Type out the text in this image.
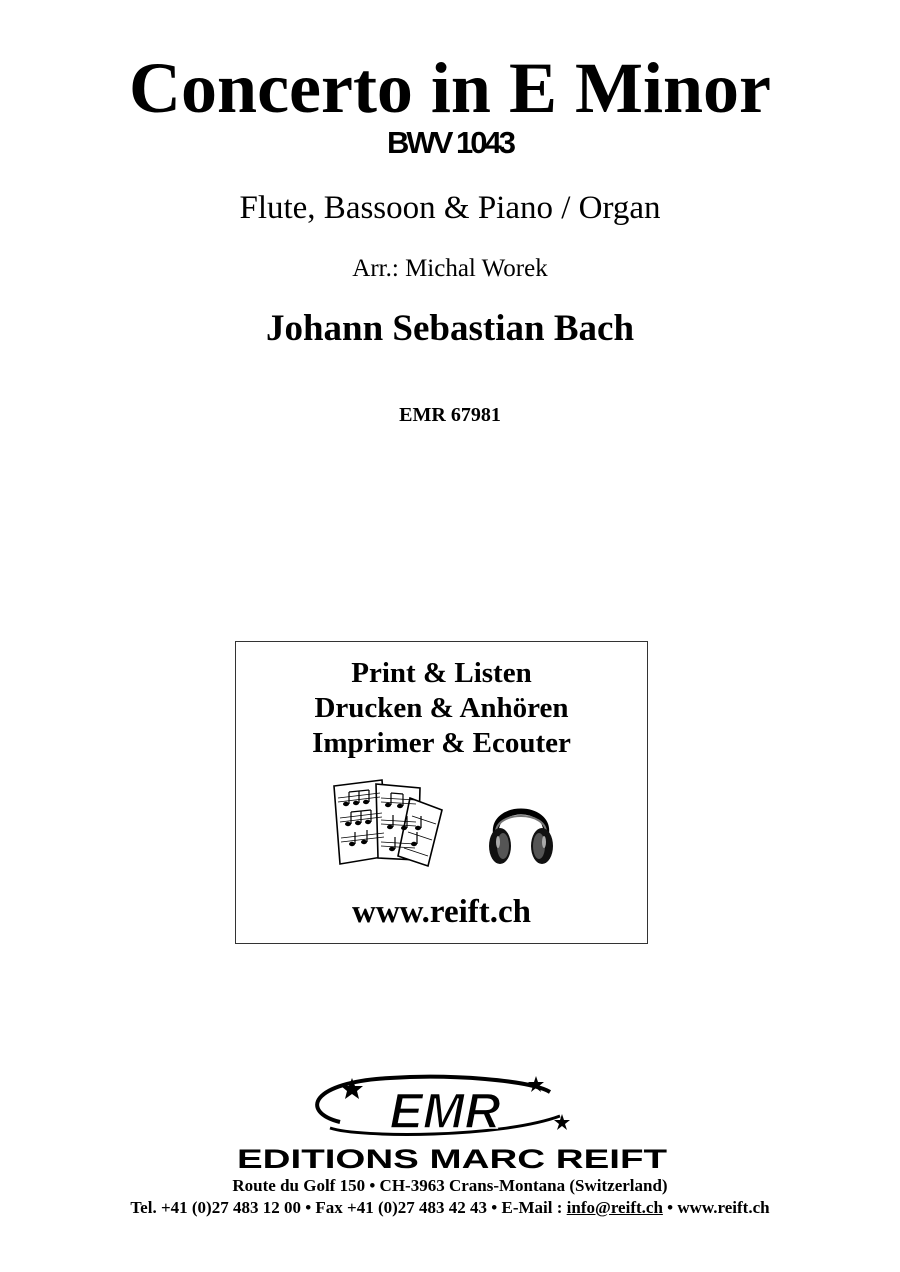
Concerto in E Minor
BWV 1043
Flute, Bassoon & Piano / Organ
Arr.: Michal Worek
Johann Sebastian Bach
EMR 67981
Print & Listen
Drucken & Anhören
Imprimer & Ecouter
www.reift.ch
EMR
EDITIONS MARC REIFT
Route du Golf 150 • CH-3963 Crans-Montana (Switzerland)
Tel. +41 (0)27 483 12 00 • Fax +41 (0)27 483 42 43 • E-Mail : info@reift.ch • www.reift.ch
